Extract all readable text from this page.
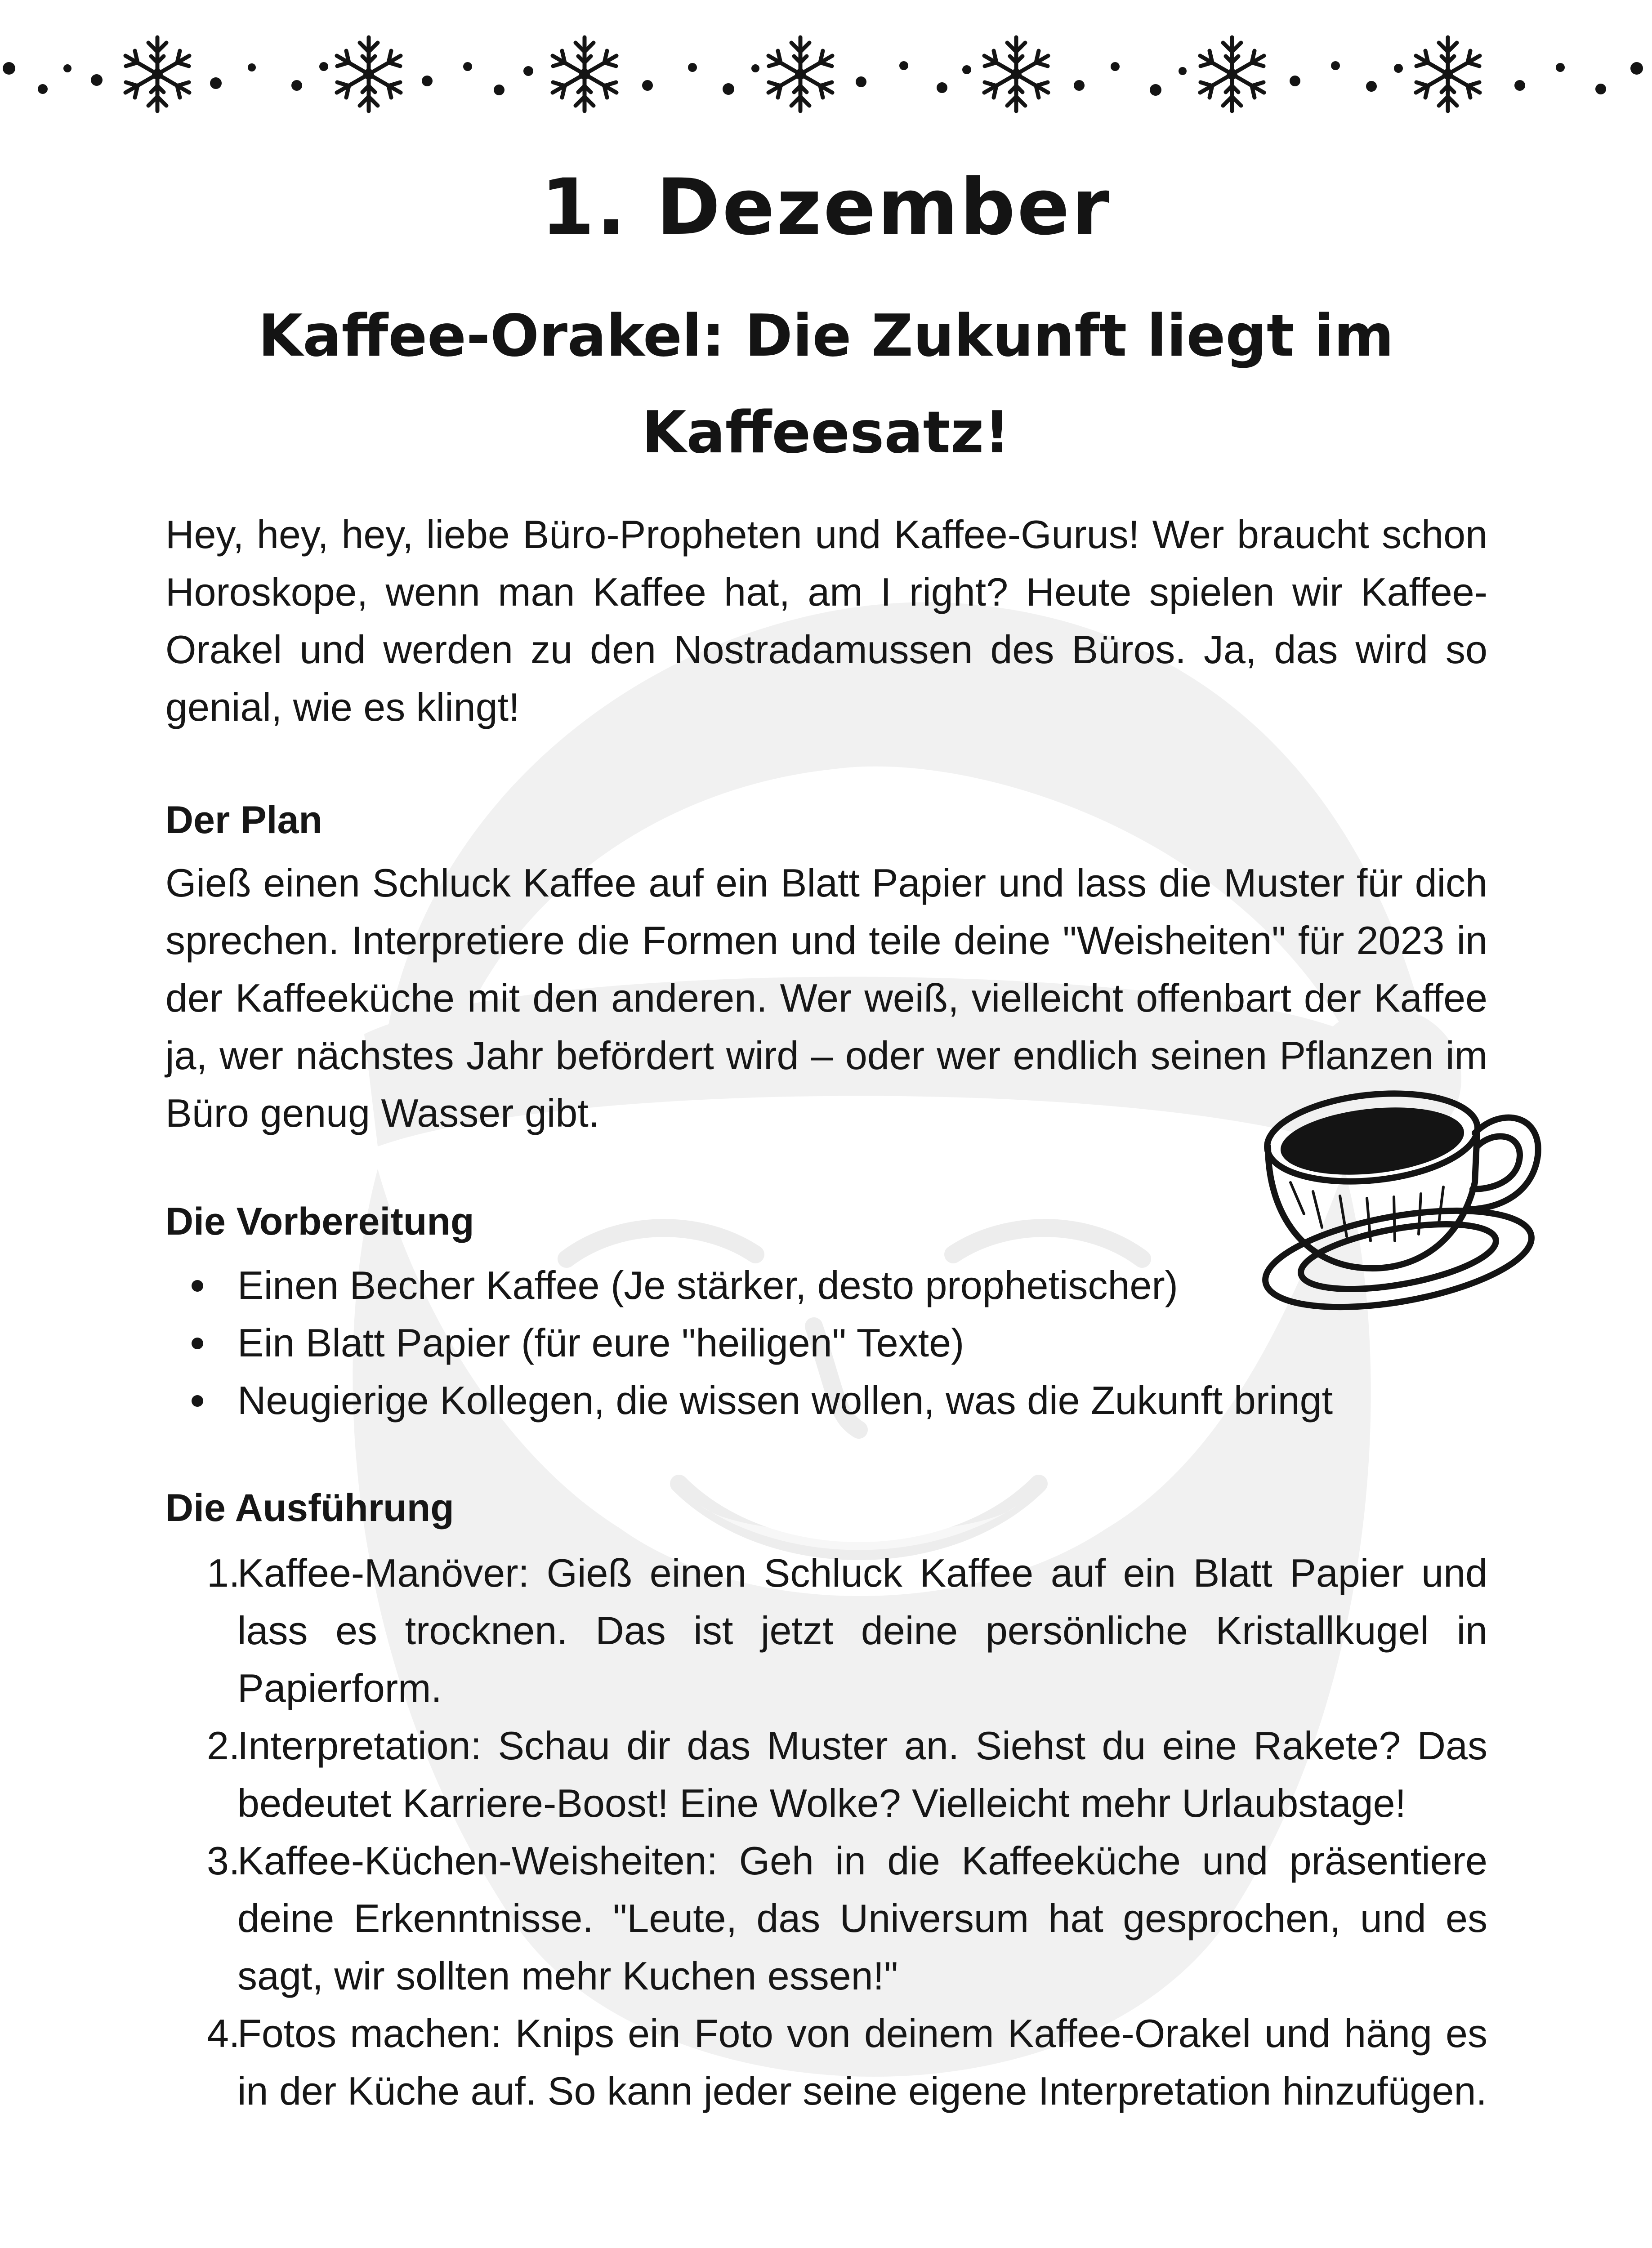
1. Dezember
Kaffee-Orakel: Die Zukunft liegt im Kaffeesatz!

Hey, hey, hey, liebe Büro-Propheten und Kaffee-Gurus! Wer braucht schon Horoskope, wenn man Kaffee hat, am I right? Heute spielen wir Kaffee-Orakel und werden zu den Nostradamussen des Büros. Ja, das wird so genial, wie es klingt!

Der Plan

Gieß einen Schluck Kaffee auf ein Blatt Papier und lass die Muster für dich sprechen. Interpretiere die Formen und teile deine "Weisheiten" für 2023 in der Kaffeeküche mit den anderen. Wer weiß, vielleicht offenbart der Kaffee ja, wer nächstes Jahr befördert wird – oder wer endlich seinen Pflanzen im Büro genug Wasser gibt.

Die Vorbereitung
Einen Becher Kaffee (Je stärker, desto prophetischer)
Ein Blatt Papier (für eure "heiligen" Texte)
Neugierige Kollegen, die wissen wollen, was die Zukunft bringt
Die Ausführung
1.
Kaffee-Manöver: Gieß einen Schluck Kaffee auf ein Blatt Papier und lass es trocknen. Das ist jetzt deine persönliche Kristallkugel in Papierform.
2.
Interpretation: Schau dir das Muster an. Siehst du eine Rakete? Das bedeutet Karriere-Boost! Eine Wolke? Vielleicht mehr Urlaubstage!
3.
Kaffee-Küchen-Weisheiten: Geh in die Kaffeeküche und präsentiere deine Erkenntnisse. "Leute, das Universum hat gesprochen, und es sagt, wir sollten mehr Kuchen essen!"
4.
Fotos machen: Knips ein Foto von deinem Kaffee-Orakel und häng es in der Küche auf. So kann jeder seine eigene Interpretation hinzufügen.
